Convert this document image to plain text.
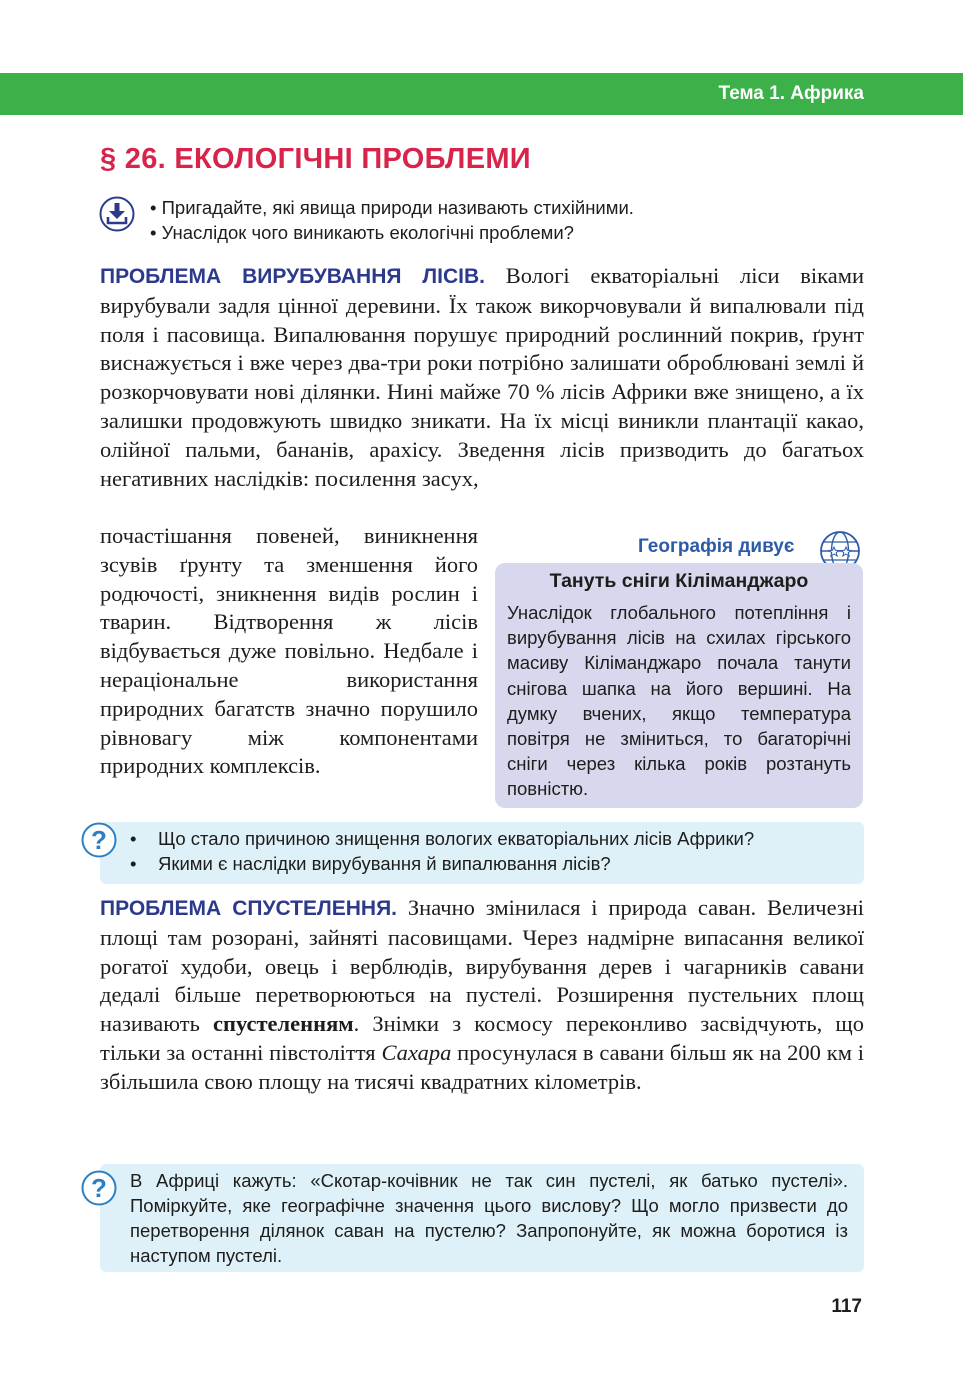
Тема 1. Африка
§ 26. ЕКОЛОГІЧНІ ПРОБЛЕМИ
• Пригадайте, які явища природи називають стихійними.
• Унаслідок чого виникають екологічні проблеми?
ПРОБЛЕМА ВИРУБУВАННЯ ЛІСІВ. Вологі екваторіальні ліси віками вирубували задля цінної деревини. Їх також викорчовували й випалювали під поля і пасовища. Випалювання порушує природний рослинний покрив, ґрунт виснажується і вже через два-три роки потрібно залишати оброблювані землі й розкорчовувати нові ділянки. Нині майже 70 % лісів Африки вже знищено, а їх залишки продовжують швидко зникати. На їх місці виникли плантації какао, олійної пальми, бананів, арахісу. Зведення лісів призводить до багатьох негативних наслідків: посилення засух,
почастішання повеней, виникнення зсувів ґрунту та зменшення його родючості, зникнення видів рослин і тварин. Відтворення ж лісів відбувається дуже повільно. Недбале і нераціональне використання природних багатств значно порушило рівновагу між компонентами природних комплексів.
Географія дивує
Тануть сніги Кіліманджаро
Унаслідок глобального потепління і вирубування лісів на схилах гірського масиву Кіліманджаро почала танути снігова шапка на його вершині. На думку вчених, якщо температура повітря не зміниться, то багаторічні сніги через кілька років розтануть повністю.
?
•	Що стало причиною знищення вологих екваторіальних лісів Африки?
• Якими є наслідки вирубування й випалювання лісів?
ПРОБЛЕМА СПУСТЕЛЕННЯ. Значно змінилася і природа саван. Величезні площі там розорані, зайняті пасовищами. Через надмірне випасання великої рогатої худоби, овець і верблюдів, вирубування дерев і чагарників савани дедалі більше перетворюються на пустелі. Розширення пустельних площ називають спустеленням. Знімки з космосу переконливо засвідчують, що тільки за останні півстоліття Сахара просунулася в савани більш як на 200 км і збільшила свою площу на тисячі квадратних кілометрів.
? В Африці кажуть: «Скотар-кочівник не так син пустелі, як батько пустелі». Поміркуйте, яке географічне значення цього вислову? Що могло призвести до перетворення ділянок саван на пустелю? Запропонуйте, як можна боротися із наступом пустелі.
117
